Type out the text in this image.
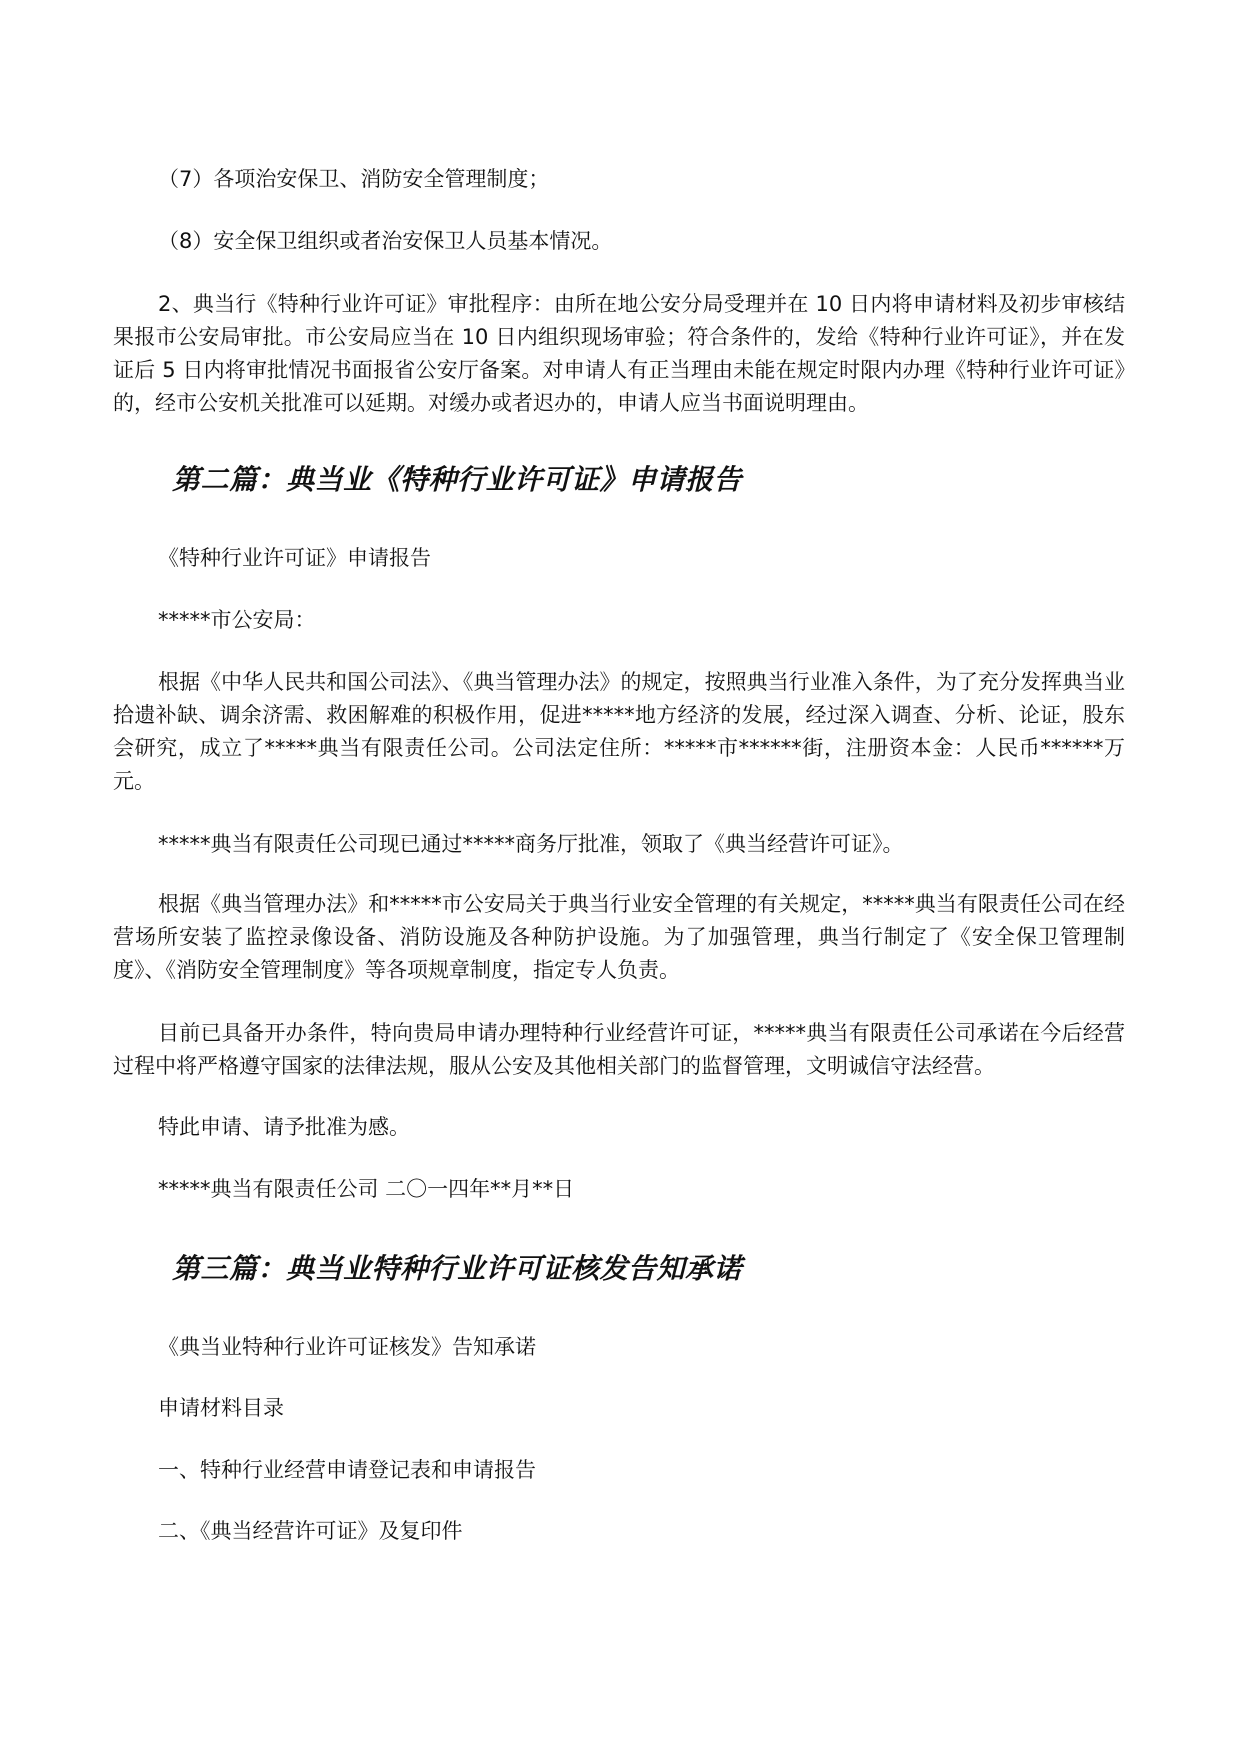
（7）各项治安保卫、消防安全管理制度；
（8）安全保卫组织或者治安保卫人员基本情况。
2、典当行《特种行业许可证》审批程序：由所在地公安分局受理并在 10 日内将申请材料及初步审核结果报市公安局审批。市公安局应当在 10 日内组织现场审验；符合条件的，发给《特种行业许可证》，并在发证后 5 日内将审批情况书面报省公安厅备案。对申请人有正当理由未能在规定时限内办理《特种行业许可证》的，经市公安机关批准可以延期。对缓办或者迟办的，申请人应当书面说明理由。
第二篇：典当业《特种行业许可证》申请报告
《特种行业许可证》申请报告
*****市公安局：
根据《中华人民共和国公司法》、《典当管理办法》的规定，按照典当行业准入条件，为了充分发挥典当业拾遗补缺、调余济需、救困解难的积极作用，促进*****地方经济的发展，经过深入调查、分析、论证，股东会研究，成立了*****典当有限责任公司。公司法定住所：*****市******街，注册资本金：人民币******万元。
*****典当有限责任公司现已通过*****商务厅批准，领取了《典当经营许可证》。
根据《典当管理办法》和*****市公安局关于典当行业安全管理的有关规定，*****典当有限责任公司在经营场所安装了监控录像设备、消防设施及各种防护设施。为了加强管理，典当行制定了《安全保卫管理制度》、《消防安全管理制度》等各项规章制度，指定专人负责。
目前已具备开办条件，特向贵局申请办理特种行业经营许可证，*****典当有限责任公司承诺在今后经营过程中将严格遵守国家的法律法规，服从公安及其他相关部门的监督管理，文明诚信守法经营。
特此申请、请予批准为感。
*****典当有限责任公司 二〇一四年**月**日
第三篇：典当业特种行业许可证核发告知承诺
《典当业特种行业许可证核发》告知承诺
申请材料目录
一、特种行业经营申请登记表和申请报告
二、《典当经营许可证》及复印件
